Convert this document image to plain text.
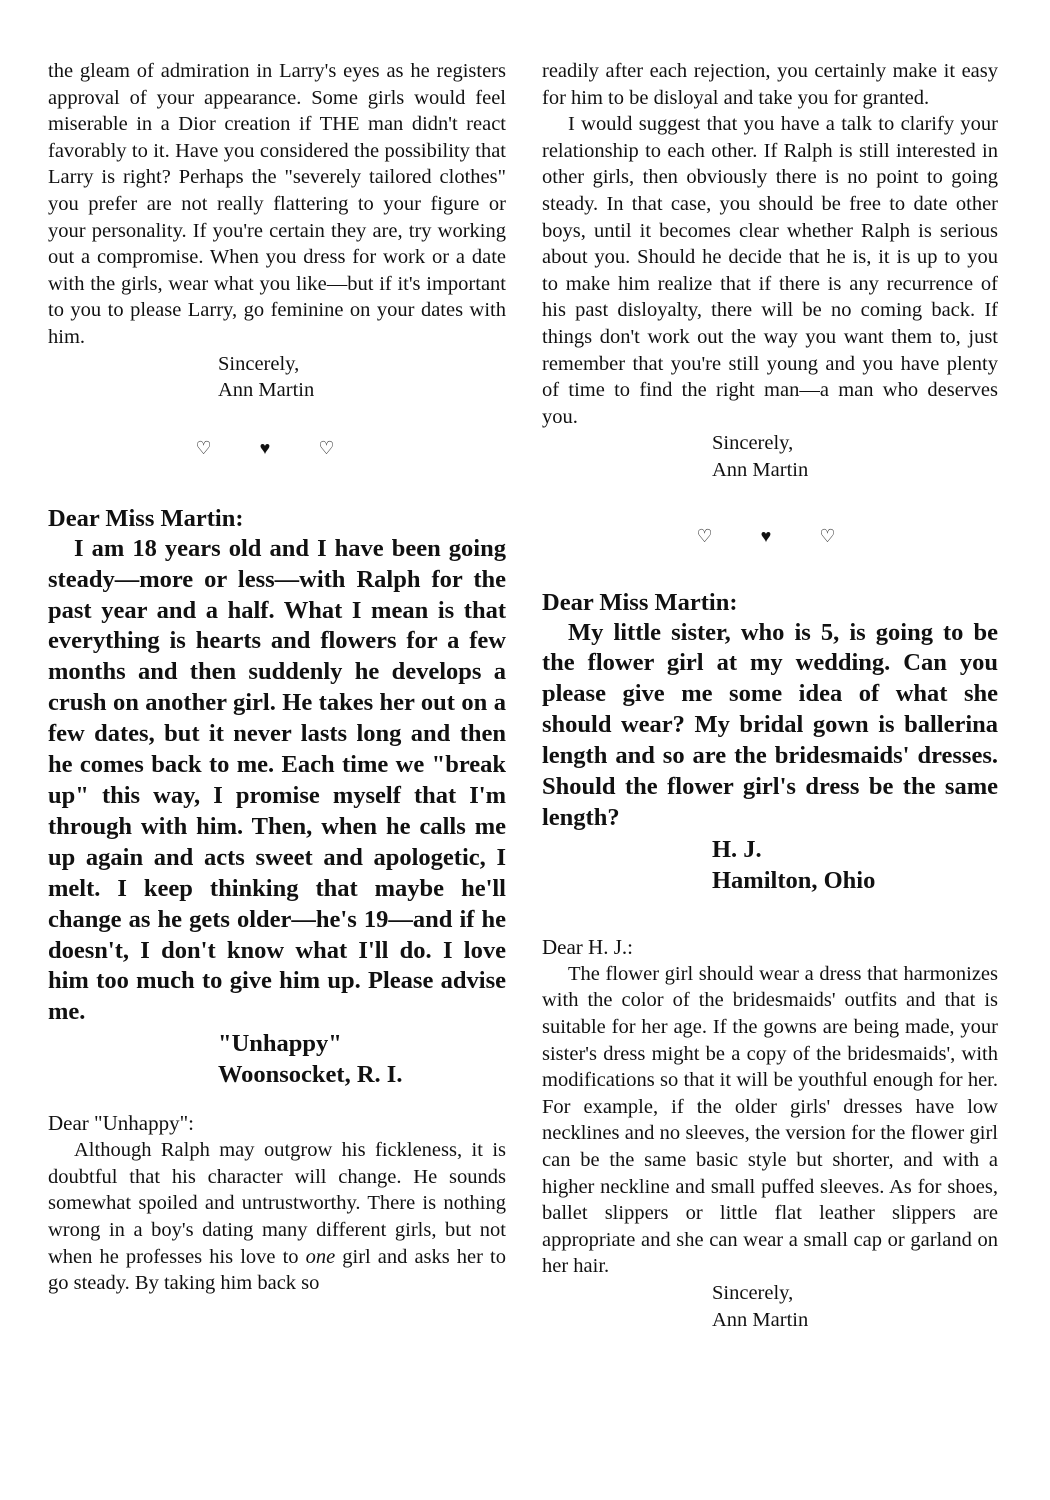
the gleam of admiration in Larry's eyes as he registers approval of your appearance. Some girls would feel miserable in a Dior creation if THE man didn't react favorably to it. Have you considered the possibility that Larry is right? Perhaps the "severely tailored clothes" you prefer are not really flattering to your figure or your personality. If you're certain they are, try working out a compromise. When you dress for work or a date with the girls, wear what you like—but if it's important to you to please Larry, go feminine on your dates with him.

Sincerely,
Ann Martin
♡	♥	♡
Dear Miss Martin:

I am 18 years old and I have been going steady—more or less—with Ralph for the past year and a half. What I mean is that everything is hearts and flowers for a few months and then suddenly he develops a crush on another girl. He takes her out on a few dates, but it never lasts long and then he comes back to me. Each time we "break up" this way, I promise myself that I'm through with him. Then, when he calls me up again and acts sweet and apologetic, I melt. I keep thinking that maybe he'll change as he gets older—he's 19—and if he doesn't, I don't know what I'll do. I love him too much to give him up. Please advise me.

"Unhappy"
Woonsocket, R. I.
Dear "Unhappy":

Although Ralph may outgrow his fickleness, it is doubtful that his character will change. He sounds somewhat spoiled and untrustworthy. There is nothing wrong in a boy's dating many different girls, but not when he professes his love to one girl and asks her to go steady. By taking him back so

readily after each rejection, you certainly make it easy for him to be disloyal and take you for granted.

I would suggest that you have a talk to clarify your relationship to each other. If Ralph is still interested in other girls, then obviously there is no point to going steady. In that case, you should be free to date other boys, until it becomes clear whether Ralph is serious about you. Should he decide that he is, it is up to you to make him realize that if there is any recurrence of his past disloyalty, there will be no coming back. If things don't work out the way you want them to, just remember that you're still young and you have plenty of time to find the right man—a man who deserves you.

Sincerely,
Ann Martin
♡	♥	♡
Dear Miss Martin:

My little sister, who is 5, is going to be the flower girl at my wedding. Can you please give me some idea of what she should wear? My bridal gown is ballerina length and so are the bridesmaids' dresses. Should the flower girl's dress be the same length?

H. J.
Hamilton, Ohio
Dear H. J.:

The flower girl should wear a dress that harmonizes with the color of the bridesmaids' outfits and that is suitable for her age. If the gowns are being made, your sister's dress might be a copy of the bridesmaids', with modifications so that it will be youthful enough for her. For example, if the older girls' dresses have low necklines and no sleeves, the version for the flower girl can be the same basic style but shorter, and with a higher neckline and small puffed sleeves. As for shoes, ballet slippers or little flat leather slippers are appropriate and she can wear a small cap or garland on her hair.

Sincerely,
Ann Martin
